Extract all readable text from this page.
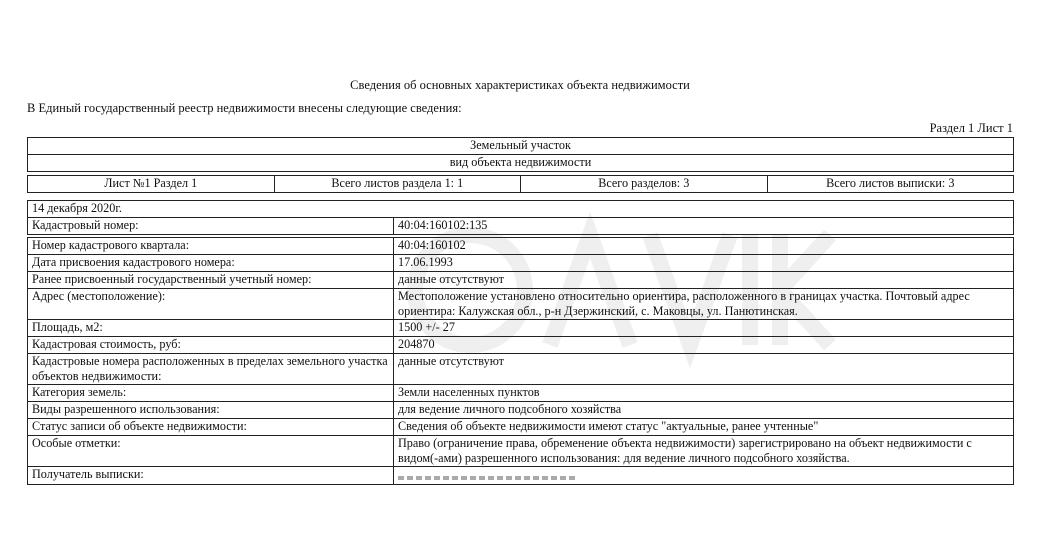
Сведения об основных характеристиках объекта недвижимости
В Единый государственный реестр недвижимости внесены следующие сведения:
Раздел 1 Лист 1
Земельный участок
вид объекта недвижимости
Лист №1 Раздел 1	Всего листов раздела 1: 1	Всего разделов: 3	Всего листов выписки: 3
14 декабря 2020г.	
Кадастровый номер:	40:04:160102:135

Номер кадастрового квартала:	40:04:160102
Дата присвоения кадастрового номера:	17.06.1993
Ранее присвоенный государственный учетный номер:	данные отсутствуют
Адрес (местоположение):	Местоположение установлено относительно ориентира, расположенного в границах участка. Почтовый адрес ориентира: Калужская обл., р-н Дзержинский, с. Маковцы, ул. Панютинская.
Площадь, м2:	1500 +/- 27
Кадастровая стоимость, руб:	204870
Кадастровые номера расположенных в пределах земельного участка объектов недвижимости:	данные отсутствуют
Категория земель:	Земли населенных пунктов
Виды разрешенного использования:	для ведение личного подсобного хозяйства
Статус записи об объекте недвижимости:	Сведения об объекте недвижимости имеют статус "актуальные, ранее учтенные"
Особые отметки:	Право (ограничение права, обременение объекта недвижимости) зарегистрировано на объект недвижимости с видом(-ами) разрешенного использования: для ведение личного подсобного хозяйства.
Получатель выписки:	
